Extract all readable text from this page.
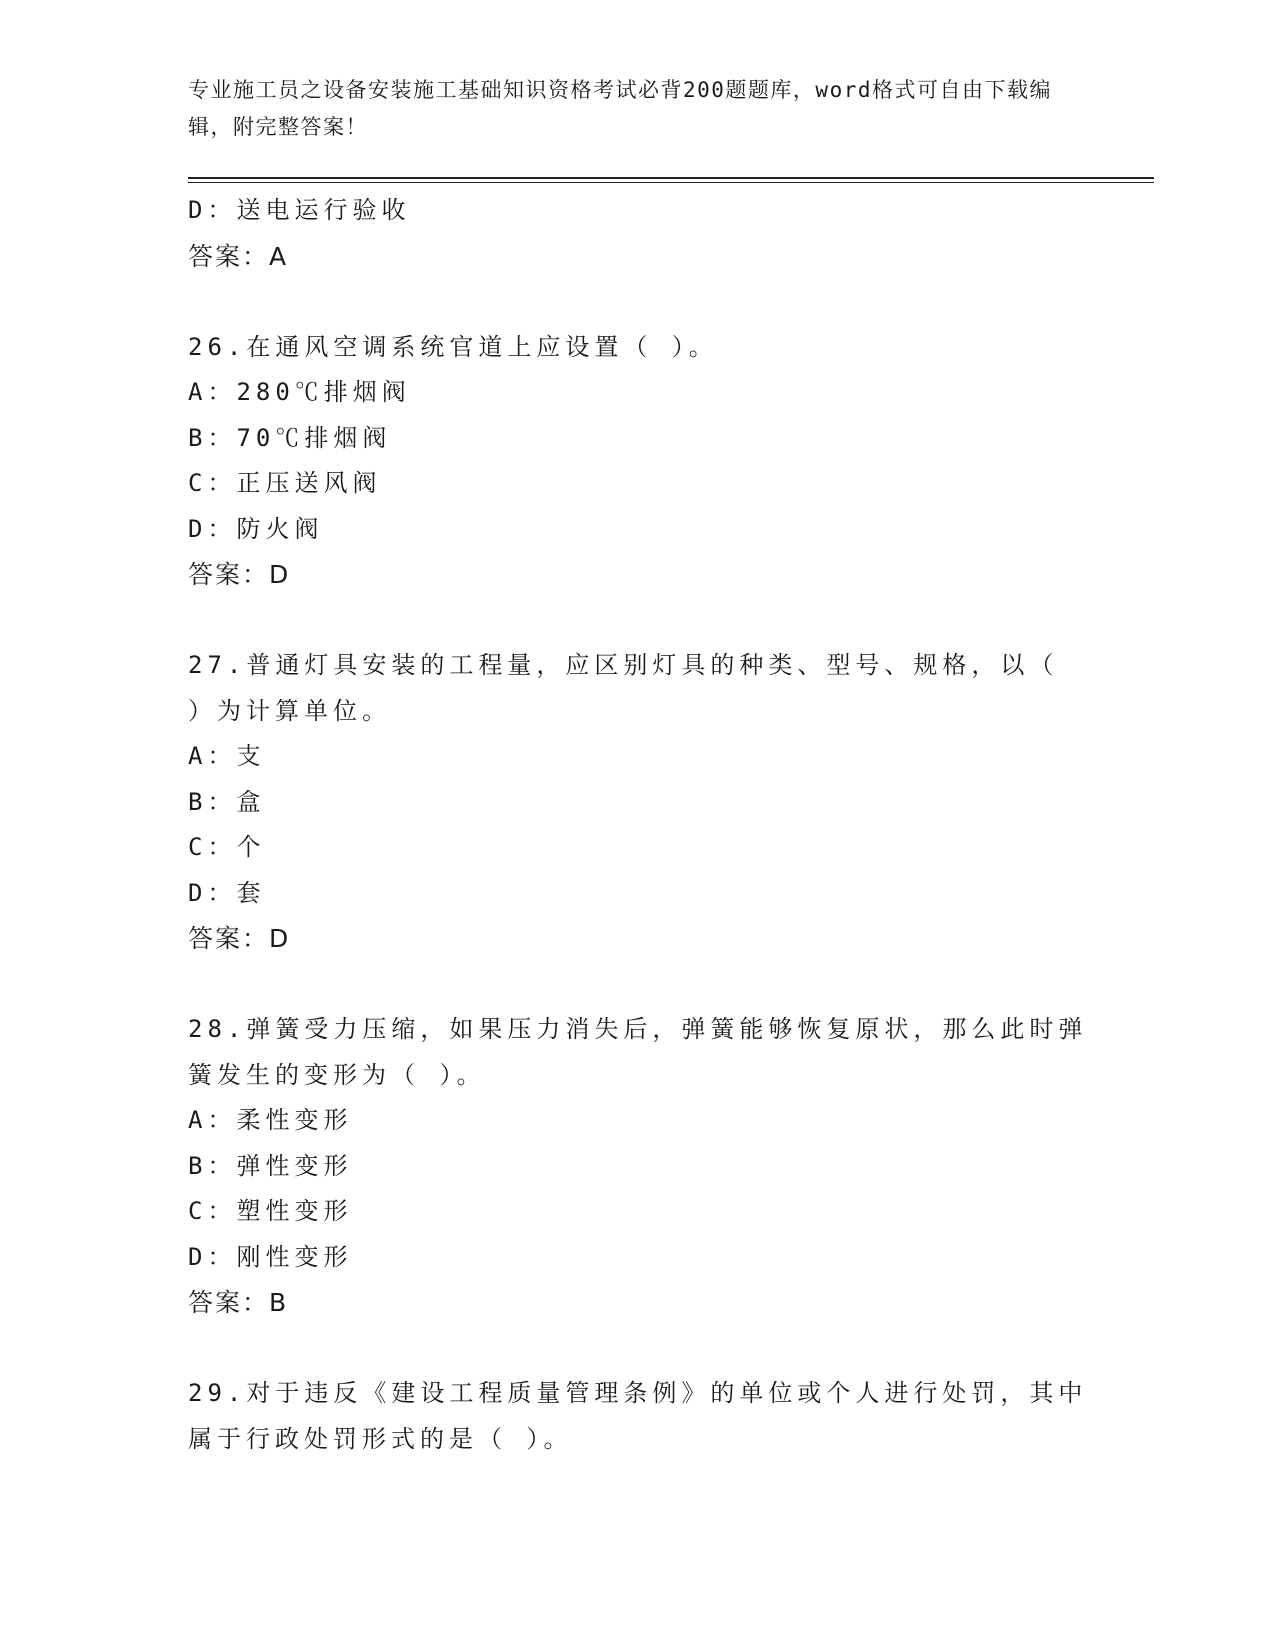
专业施工员之设备安装施工基础知识资格考试必背200题题库，word格式可自由下载编辑，附完整答案！
D：送电运行验收
答案：A
26.在通风空调系统官道上应设置（ ）。
A：280℃排烟阀
B：70℃排烟阀
C：正压送风阀
D：防火阀
答案：D
27.普通灯具安装的工程量，应区别灯具的种类、型号、规格，以（
）为计算单位。
A：支
B：盒
C：个
D：套
答案：D
28.弹簧受力压缩，如果压力消失后，弹簧能够恢复原状，那么此时弹
簧发生的变形为（ ）。
A：柔性变形
B：弹性变形
C：塑性变形
D：刚性变形
答案：B
29.对于违反《建设工程质量管理条例》的单位或个人进行处罚，其中
属于行政处罚形式的是（ ）。
